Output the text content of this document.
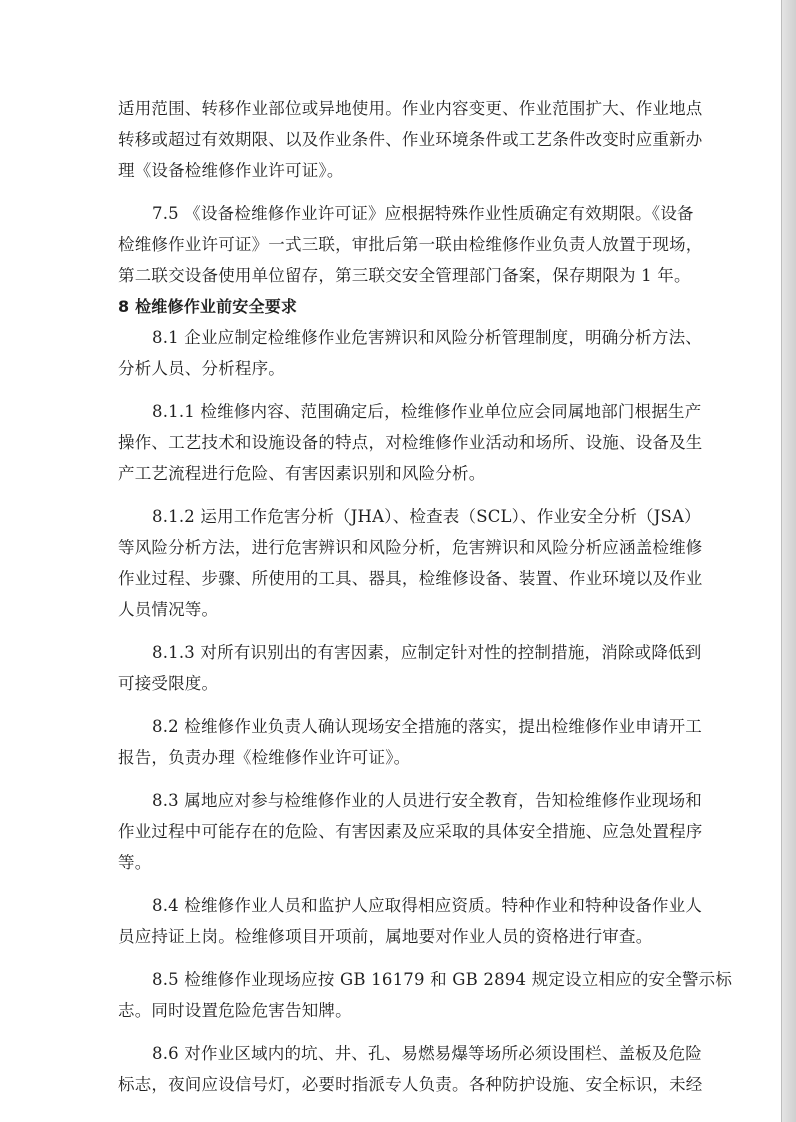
适用范围、转移作业部位或异地使用。作业内容变更、作业范围扩大、作业地点
转移或超过有效期限、以及作业条件、作业环境条件或工艺条件改变时应重新办
理《设备检维修作业许可证》。
7.5 《设备检维修作业许可证》应根据特殊作业性质确定有效期限。《设备
检维修作业许可证》一式三联，审批后第一联由检维修作业负责人放置于现场，
第二联交设备使用单位留存，第三联交安全管理部门备案，保存期限为 1 年。
8 检维修作业前安全要求
8.1 企业应制定检维修作业危害辨识和风险分析管理制度，明确分析方法、
分析人员、分析程序。
8.1.1 检维修内容、范围确定后，检维修作业单位应会同属地部门根据生产
操作、工艺技术和设施设备的特点，对检维修作业活动和场所、设施、设备及生
产工艺流程进行危险、有害因素识别和风险分析。
8.1.2 运用工作危害分析（JHA）、检查表（SCL）、作业安全分析（JSA）
等风险分析方法，进行危害辨识和风险分析，危害辨识和风险分析应涵盖检维修
作业过程、步骤、所使用的工具、器具，检维修设备、装置、作业环境以及作业
人员情况等。
8.1.3 对所有识别出的有害因素，应制定针对性的控制措施，消除或降低到
可接受限度。
8.2 检维修作业负责人确认现场安全措施的落实，提出检维修作业申请开工
报告，负责办理《检维修作业许可证》。
8.3 属地应对参与检维修作业的人员进行安全教育，告知检维修作业现场和
作业过程中可能存在的危险、有害因素及应采取的具体安全措施、应急处置程序
等。
8.4 检维修作业人员和监护人应取得相应资质。特种作业和特种设备作业人
员应持证上岗。检维修项目开项前，属地要对作业人员的资格进行审查。
8.5 检维修作业现场应按 GB 16179 和 GB 2894 规定设立相应的安全警示标
志。同时设置危险危害告知牌。
8.6 对作业区域内的坑、井、孔、易燃易爆等场所必须设围栏、盖板及危险
标志，夜间应设信号灯，必要时指派专人负责。各种防护设施、安全标识，未经
